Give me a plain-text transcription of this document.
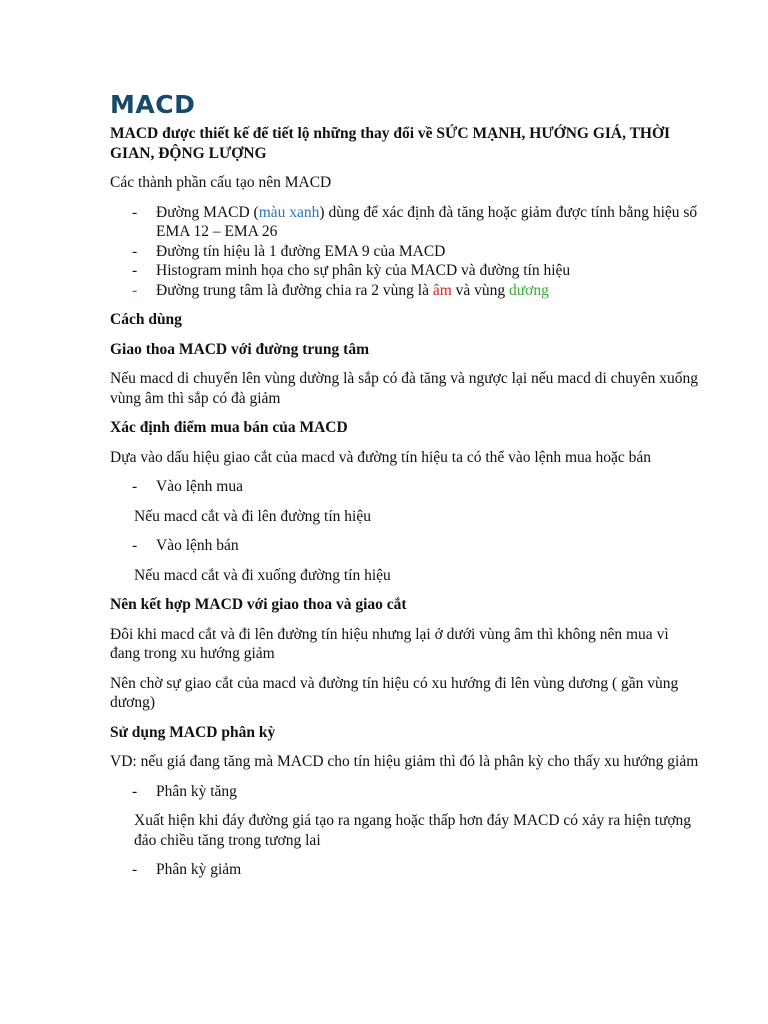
MACD
MACD được thiết kế để tiết lộ những thay đổi về SỨC MẠNH, HƯỚNG GIÁ, THỜI GIAN, ĐỘNG LƯỢNG
Các thành phần cấu tạo nên MACD
- Đường MACD (màu xanh) dùng để xác định đà tăng hoặc giảm được tính bằng hiệu số EMA 12 – EMA 26
- Đường tín hiệu là 1 đường EMA 9 của MACD
- Histogram minh họa cho sự phân kỳ của MACD và đường tín hiệu
- Đường trung tâm là đường chia ra 2 vùng là âm và vùng dương
Cách dùng
Giao thoa MACD với đường trung tâm
Nếu macd di chuyển lên vùng dường là sắp có đà tăng và ngược lại nếu macd di chuyên xuống vùng âm thì sắp có đà giảm
Xác định điểm mua bán của MACD
Dựa vào dấu hiệu giao cắt của macd và đường tín hiệu ta có thể vào lệnh mua hoặc bán
- Vào lệnh mua
Nếu macd cắt và đi lên đường tín hiệu
- Vào lệnh bán
Nếu macd cắt và đi xuống đường tín hiệu
Nên kết hợp MACD với giao thoa và giao cắt
Đôi khi macd cắt và đi lên đường tín hiệu nhưng lại ở dưới vùng âm thì không nên mua vì đang trong xu hướng giảm
Nên chờ sự giao cắt của macd và đường tín hiệu có xu hướng đi lên vùng dương ( gần vùng dương)
Sử dụng MACD phân kỳ
VD: nếu giá đang tăng mà MACD cho tín hiệu giảm thì đó là phân kỳ cho thấy xu hướng giảm
- Phân kỳ tăng
Xuất hiện khi đáy đường giá tạo ra ngang hoặc thấp hơn đáy MACD có xảy ra hiện tượng đảo chiều tăng trong tương lai
- Phân kỳ giảm
